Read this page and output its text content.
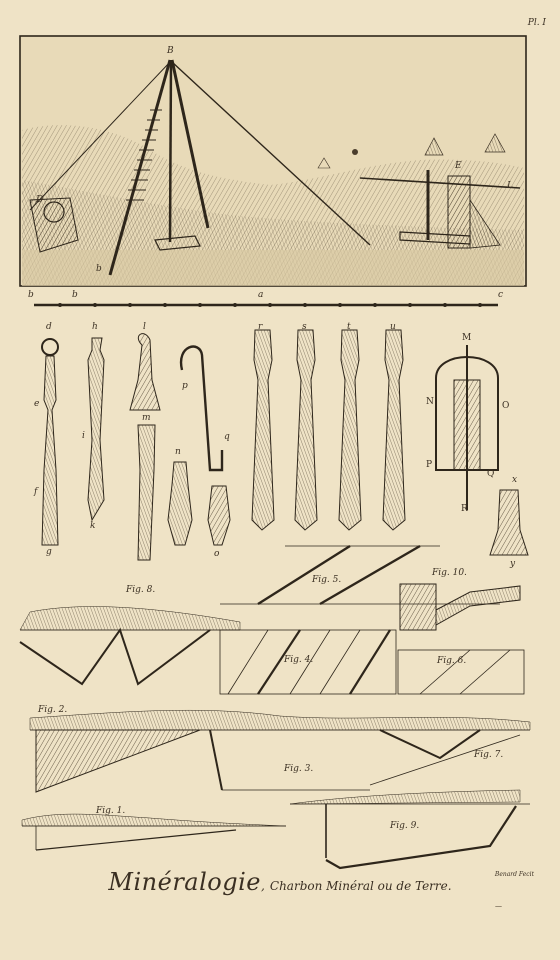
Pl. I
B
D
b
E
L
b	b	a	c
d
e
f
g
h
i
k
l
m
n
o
p
q
r	s	t	u
M
N	O
P
Q
R
x
y
Fig. 1.
Fig. 2.
Fig. 3.
Fig. 4.
Fig. 5.
Fig. 6.
Fig. 7.
Fig. 8.
Fig. 9.
Fig. 10.
Minéralogie, Charbon Minéral ou de Terre.
Benard Fecit
—
